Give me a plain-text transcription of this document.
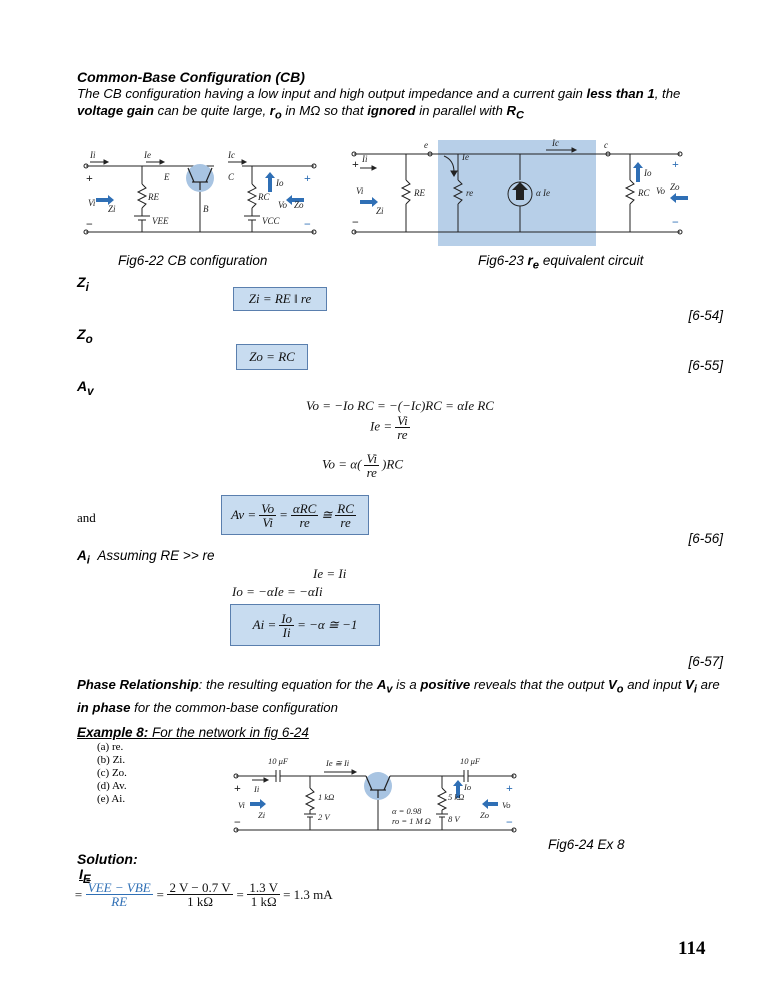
Common-Base Configuration (CB)
The CB configuration having a low input and high output impedance and a current gain less than 1, the voltage gain can be quite large, $r_o$ in MΩ so that ignored in parallel with $R_C$
Ii	Ie	Ic
E	C
B
RE	RC
VEE	VCC
Io
Vi
Zi	Vo Zo
+
−
+
−
Fig6-22 CB configuration
e	c
Ic
Ie
Ii
Vi
Zi
RE	re	α Ie
Io
RC Vo Zo
+
−
+
−
Fig6-23 $r_e$ equivalent circuit
$Z_i$
Zi = RE ‖ re
[6-54]
$Z_o$
Zo = RC
[6-55]
$A_v$
Vo = −Io RC = −(−Ic)RC = αIe RC
$Ie = \frac{Vi}{re}$
$Vo = \alpha( \frac{Vi}{re} )RC$
and	$Av = \frac{Vo}{Vi} = \frac{\text{αRC}}{re}$ ≅ $\frac{RC}{re}$
[6-56]
$A_i$ Assuming RE >> re
Ie = Ii
Io = −αIe = −αIi
$Ai = \frac{Io}{Ii} = -\alpha$ ≅ −1
[6-57]
Phase Relationship: the resulting equation for the $A_v$ is a positive reveals that the output $V_o$ and input $V_i$ are in phase for the common-base configuration
Example 8: For the network in fig 6-24
(a) re.
(b) Zi.
(c) Zo.
(d) Av.
(e) Ai.
10 μF	10 μF
Ie ≅ Ii
Ii
Vi
Zi
1 kΩ
2 V
α = 0.98
ro = 1 M Ω
5 kΩ
8 V
Io
Vo
Zo
+
−
+
−
Fig6-24 Ex 8
Solution:
$I_E$
= $\frac{\text{VEE − VBE}}{RE} = \frac{2 V - 0.7 V}{1 k\Omega} = \frac{1.3 V}{1 k\Omega} = 1.3$ mA
114
